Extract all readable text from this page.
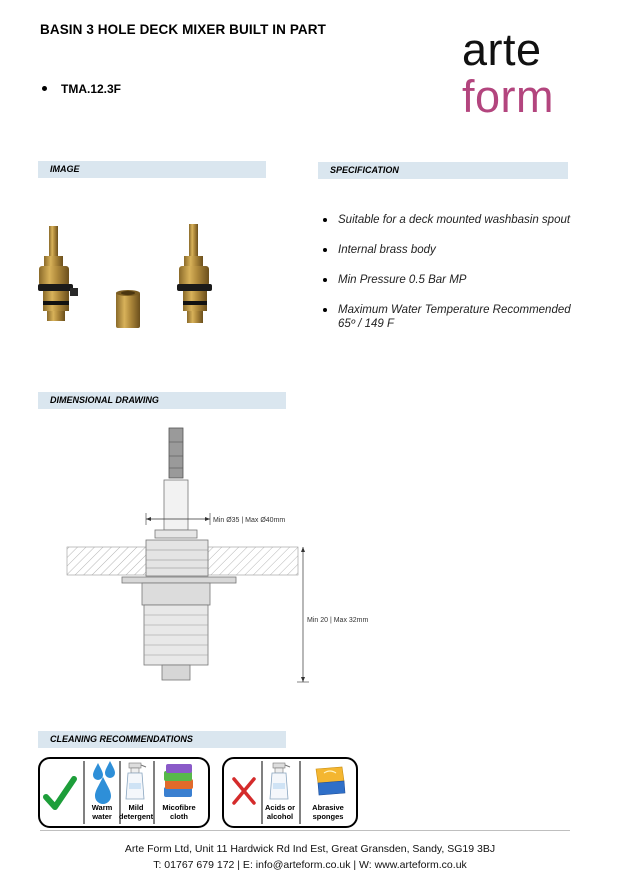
BASIN 3 HOLE DECK MIXER BUILT IN PART
TMA.12.3F
arte
form
IMAGE	SPECIFICATION
DIMENSIONAL DRAWING
CLEANING RECOMMENDATIONS
Suitable for a deck mounted washbasin spout
Internal brass body
Min Pressure 0.5 Bar MP
Maximum Water Temperature Recommended
65º / 149 F
Min Ø35 | Max Ø40mm
Min 20 | Max 32mm
Warm
water
Mild
detergent
Micofibre
cloth
Acids or
alcohol
Abrasive
sponges
Arte Form Ltd, Unit 11 Hardwick Rd Ind Est, Great Gransden, Sandy, SG19 3BJ
T: 01767 679 172 | E: info@arteform.co.uk | W: www.arteform.co.uk
